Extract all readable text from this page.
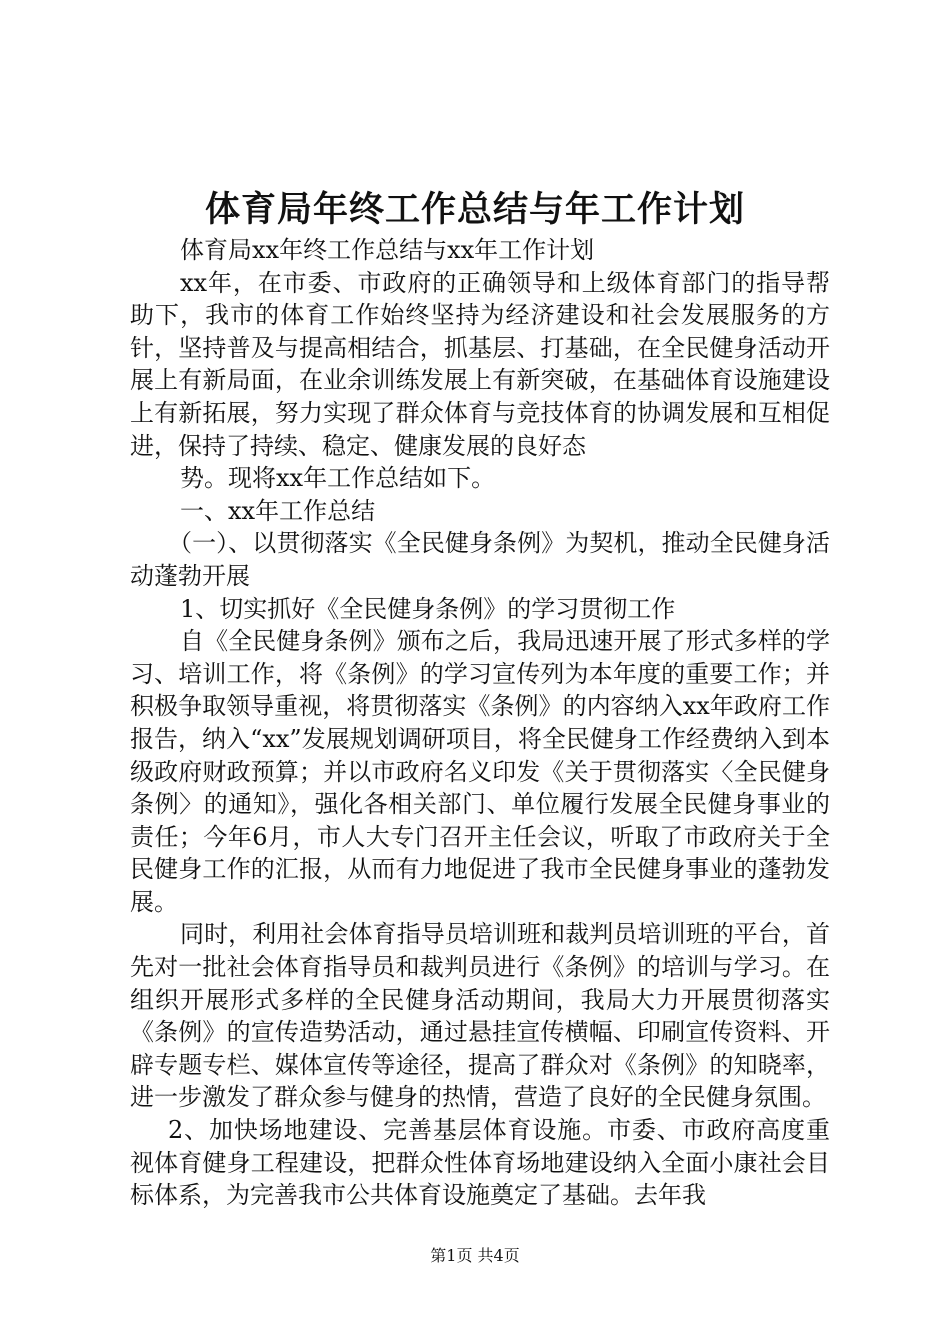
体育局年终工作总结与年工作计划

体育局xx年终工作总结与xx年工作计划

xx年，在市委、市政府的正确领导和上级体育部门的指导帮助下，我市的体育工作始终坚持为经济建设和社会发展服务的方针，坚持普及与提高相结合，抓基层、打基础，在全民健身活动开展上有新局面，在业余训练发展上有新突破，在基础体育设施建设上有新拓展，努力实现了群众体育与竞技体育的协调发展和互相促进，保持了持续、稳定、健康发展的良好态

势。现将xx年工作总结如下。

一、xx年工作总结

（一）、以贯彻落实《全民健身条例》为契机，推动全民健身活动蓬勃开展

1、切实抓好《全民健身条例》的学习贯彻工作

自《全民健身条例》颁布之后，我局迅速开展了形式多样的学习、培训工作，将《条例》的学习宣传列为本年度的重要工作；并积极争取领导重视，将贯彻落实《条例》的内容纳入xx年政府工作报告，纳入“xx”发展规划调研项目，将全民健身工作经费纳入到本级政府财政预算；并以市政府名义印发《关于贯彻落实〈全民健身条例〉的通知》，强化各相关部门、单位履行发展全民健身事业的责任；今年6月，市人大专门召开主任会议，听取了市政府关于全民健身工作的汇报，从而有力地促进了我市全民健身事业的蓬勃发展。

同时，利用社会体育指导员培训班和裁判员培训班的平台，首先对一批社会体育指导员和裁判员进行《条例》的培训与学习。在组织开展形式多样的全民健身活动期间，我局大力开展贯彻落实《条例》的宣传造势活动，通过悬挂宣传横幅、印刷宣传资料、开辟专题专栏、媒体宣传等途径，提高了群众对《条例》的知晓率，进一步激发了群众参与健身的热情，营造了良好的全民健身氛围。

2、加快场地建设、完善基层体育设施。市委、市政府高度重视体育健身工程建设，把群众性体育场地建设纳入全面小康社会目标体系，为完善我市公共体育设施奠定了基础。去年我

第1页 共4页
